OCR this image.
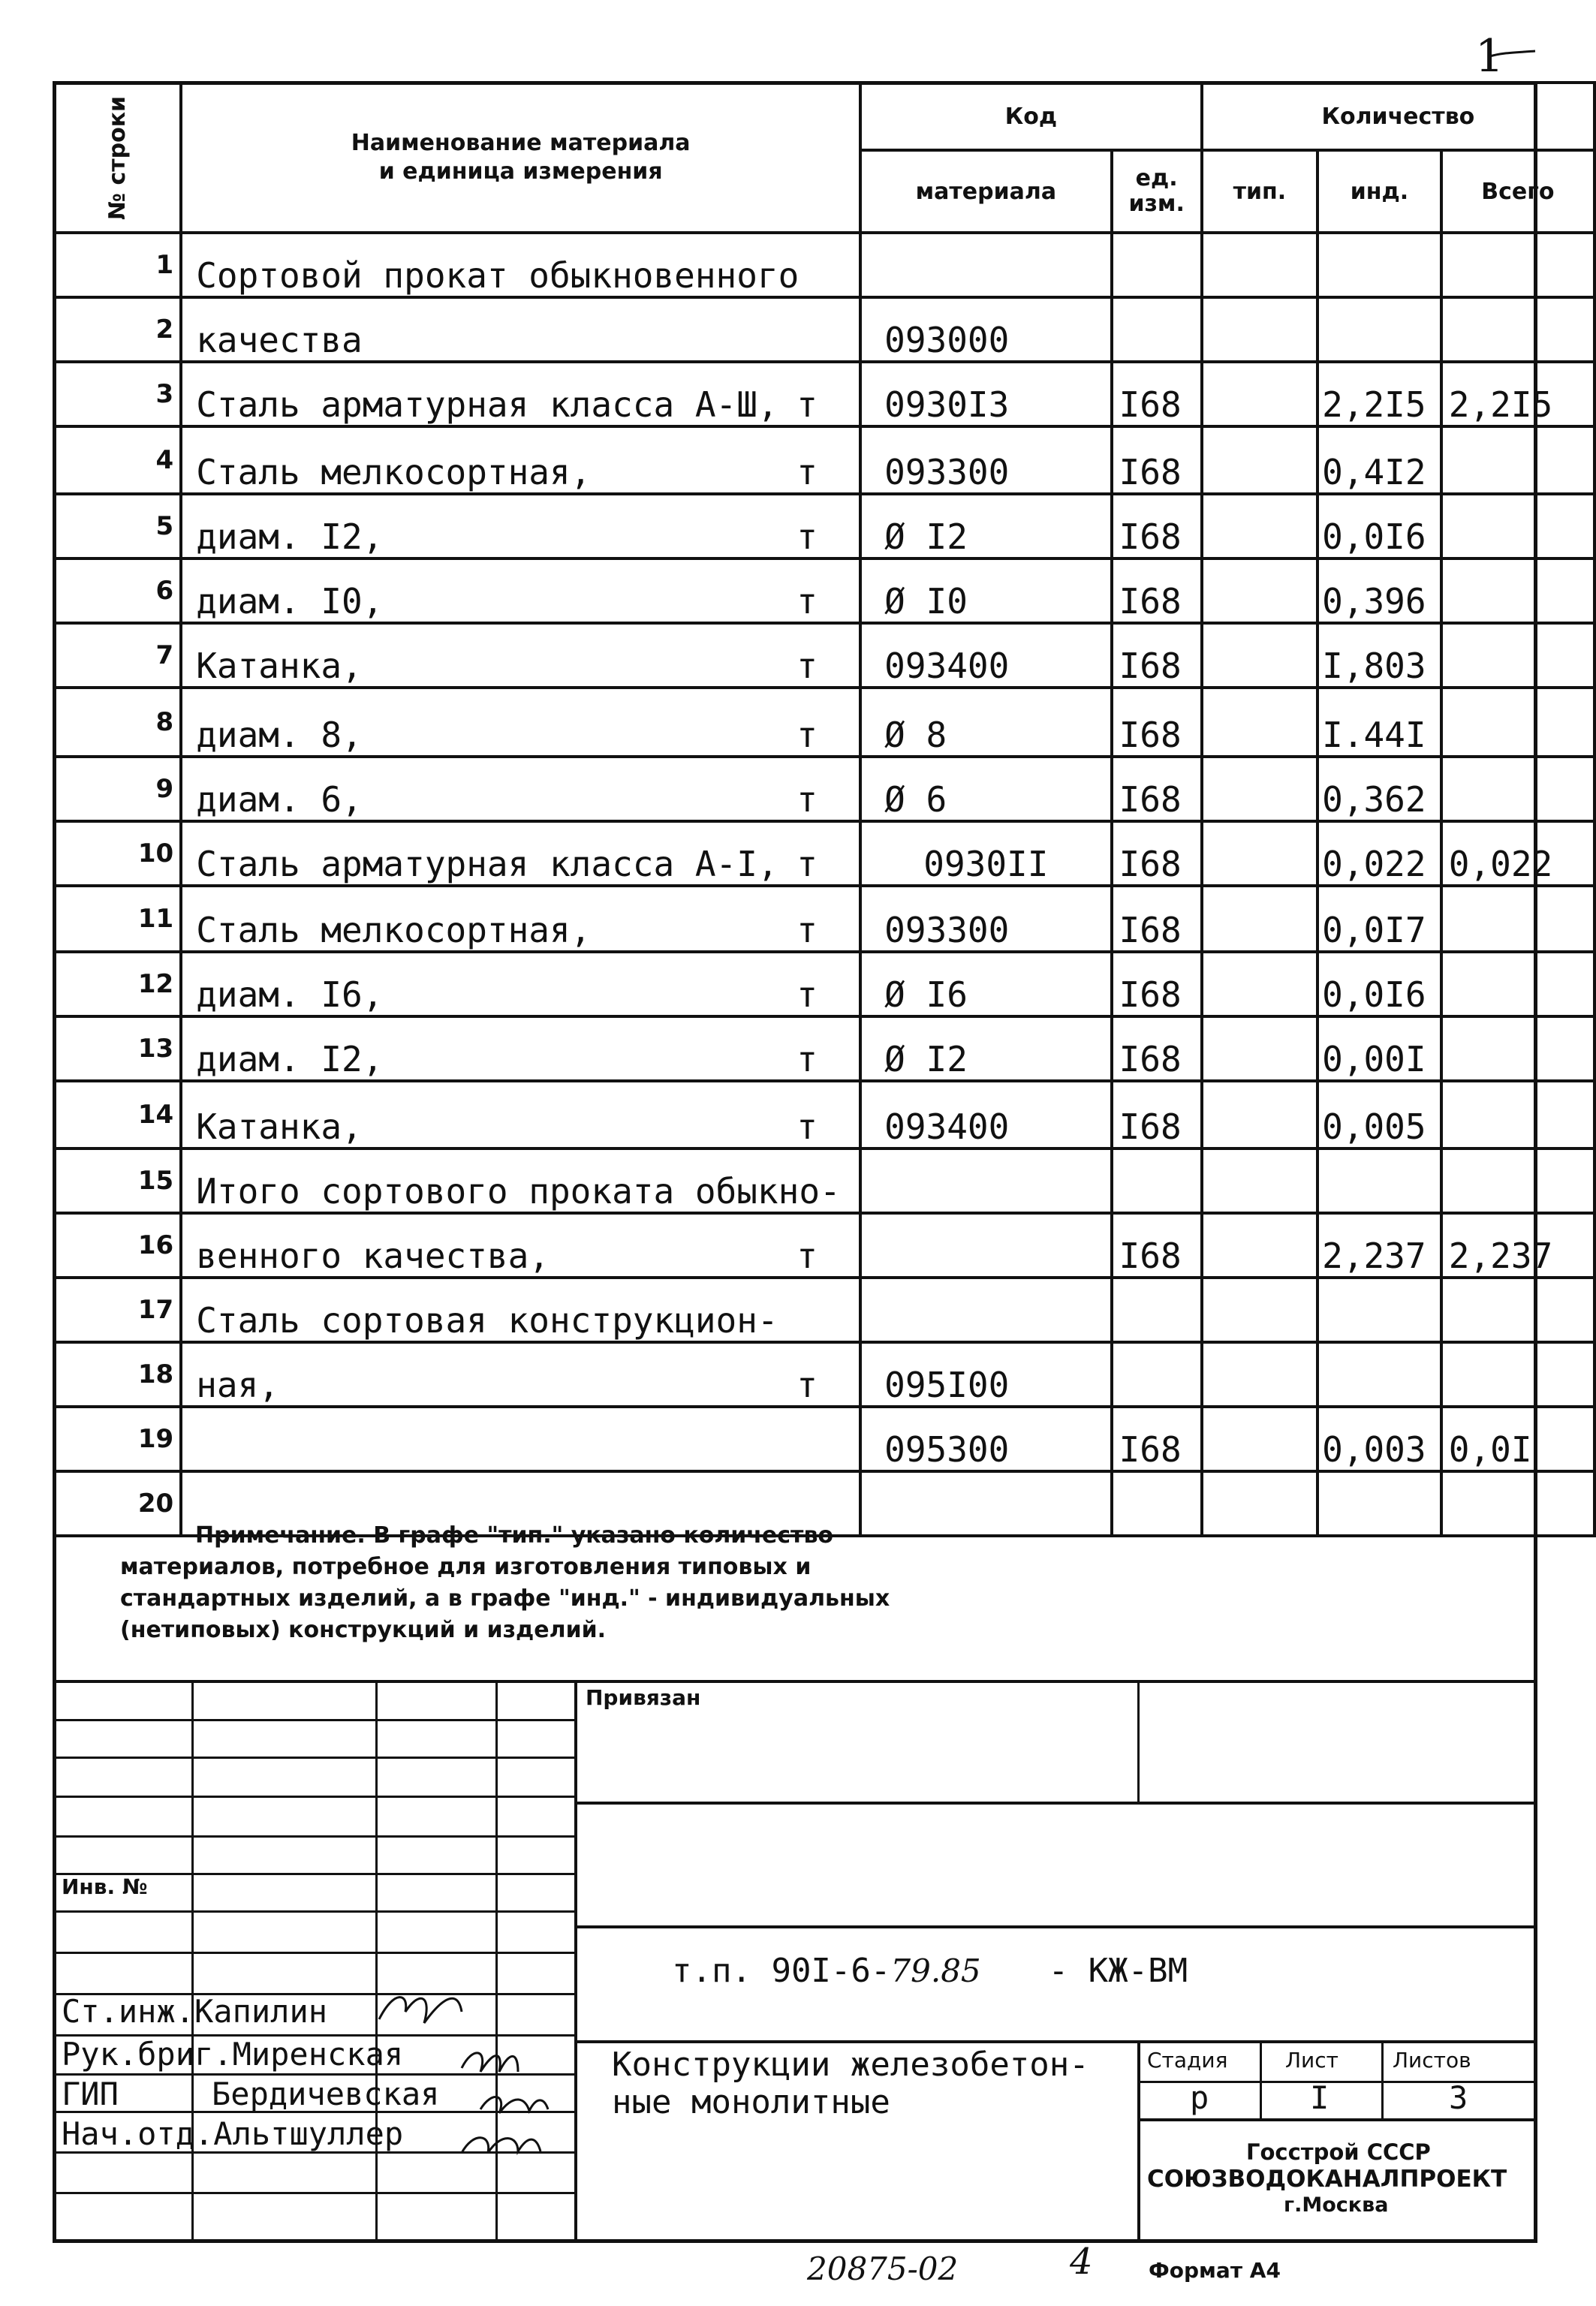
1
№ строки	Наименование материала
и единица измерения	Код		Количество		
		материала	ед.
изм.	тип.	инд.	Всего
1	Сортовой прокат обыкновенного					
2	качества	093000				
3	Сталь арматурная класса А-Ш, т	0930I3	I68		2,2I5	2,2I5
4	Сталь мелкосортная, т	093300	I68		0,4I2	
5	диам. I2, т	Ø I2	I68		0,0I6	
6	диам. I0, т	Ø I0	I68		0,396	
7	Катанка, т	093400	I68		I,803	
8	диам. 8, т	Ø 8	I68		I.44I	
9	диам. 6, т	Ø 6	I68		0,362	
10	Сталь арматурная класса А-I, т	0930II	I68		0,022	0,022
11	Сталь мелкосортная, т	093300	I68		0,0I7	
12	диам. I6, т	Ø I6	I68		0,0I6	
13	диам. I2, т	Ø I2	I68		0,00I	
14	Катанка, т	093400	I68		0,005	
15	Итого сортового проката обыкно-					
16	венного качества, т		I68		2,237	2,237
17	Сталь сортовая конструкцион-					
18	ная, т	095I00				
19		095300	I68		0,003	0,0I
20						
Примечание. В графе "тип." указано количество
материалов, потребное для изготовления типовых и
стандартных изделий, а в графе "инд." - индивидуальных
(нетиповых) конструкций и изделий.
Привязан
Инв. №
т.п. 90I-6-79.85 - КЖ-ВМ
Ст.инж.Капилин
Рук.бриг.Миренская
ГИП	Бердичевская
Нач.отд.Альтшуллер
Конструкции железобетон-
ные монолитные
Стадия	Лист	Листов
р	I	3
Госстрой СССР
СОЮЗВОДОКАНАЛПРОЕКТ
г.Москва
20875-02	4	Формат А4
